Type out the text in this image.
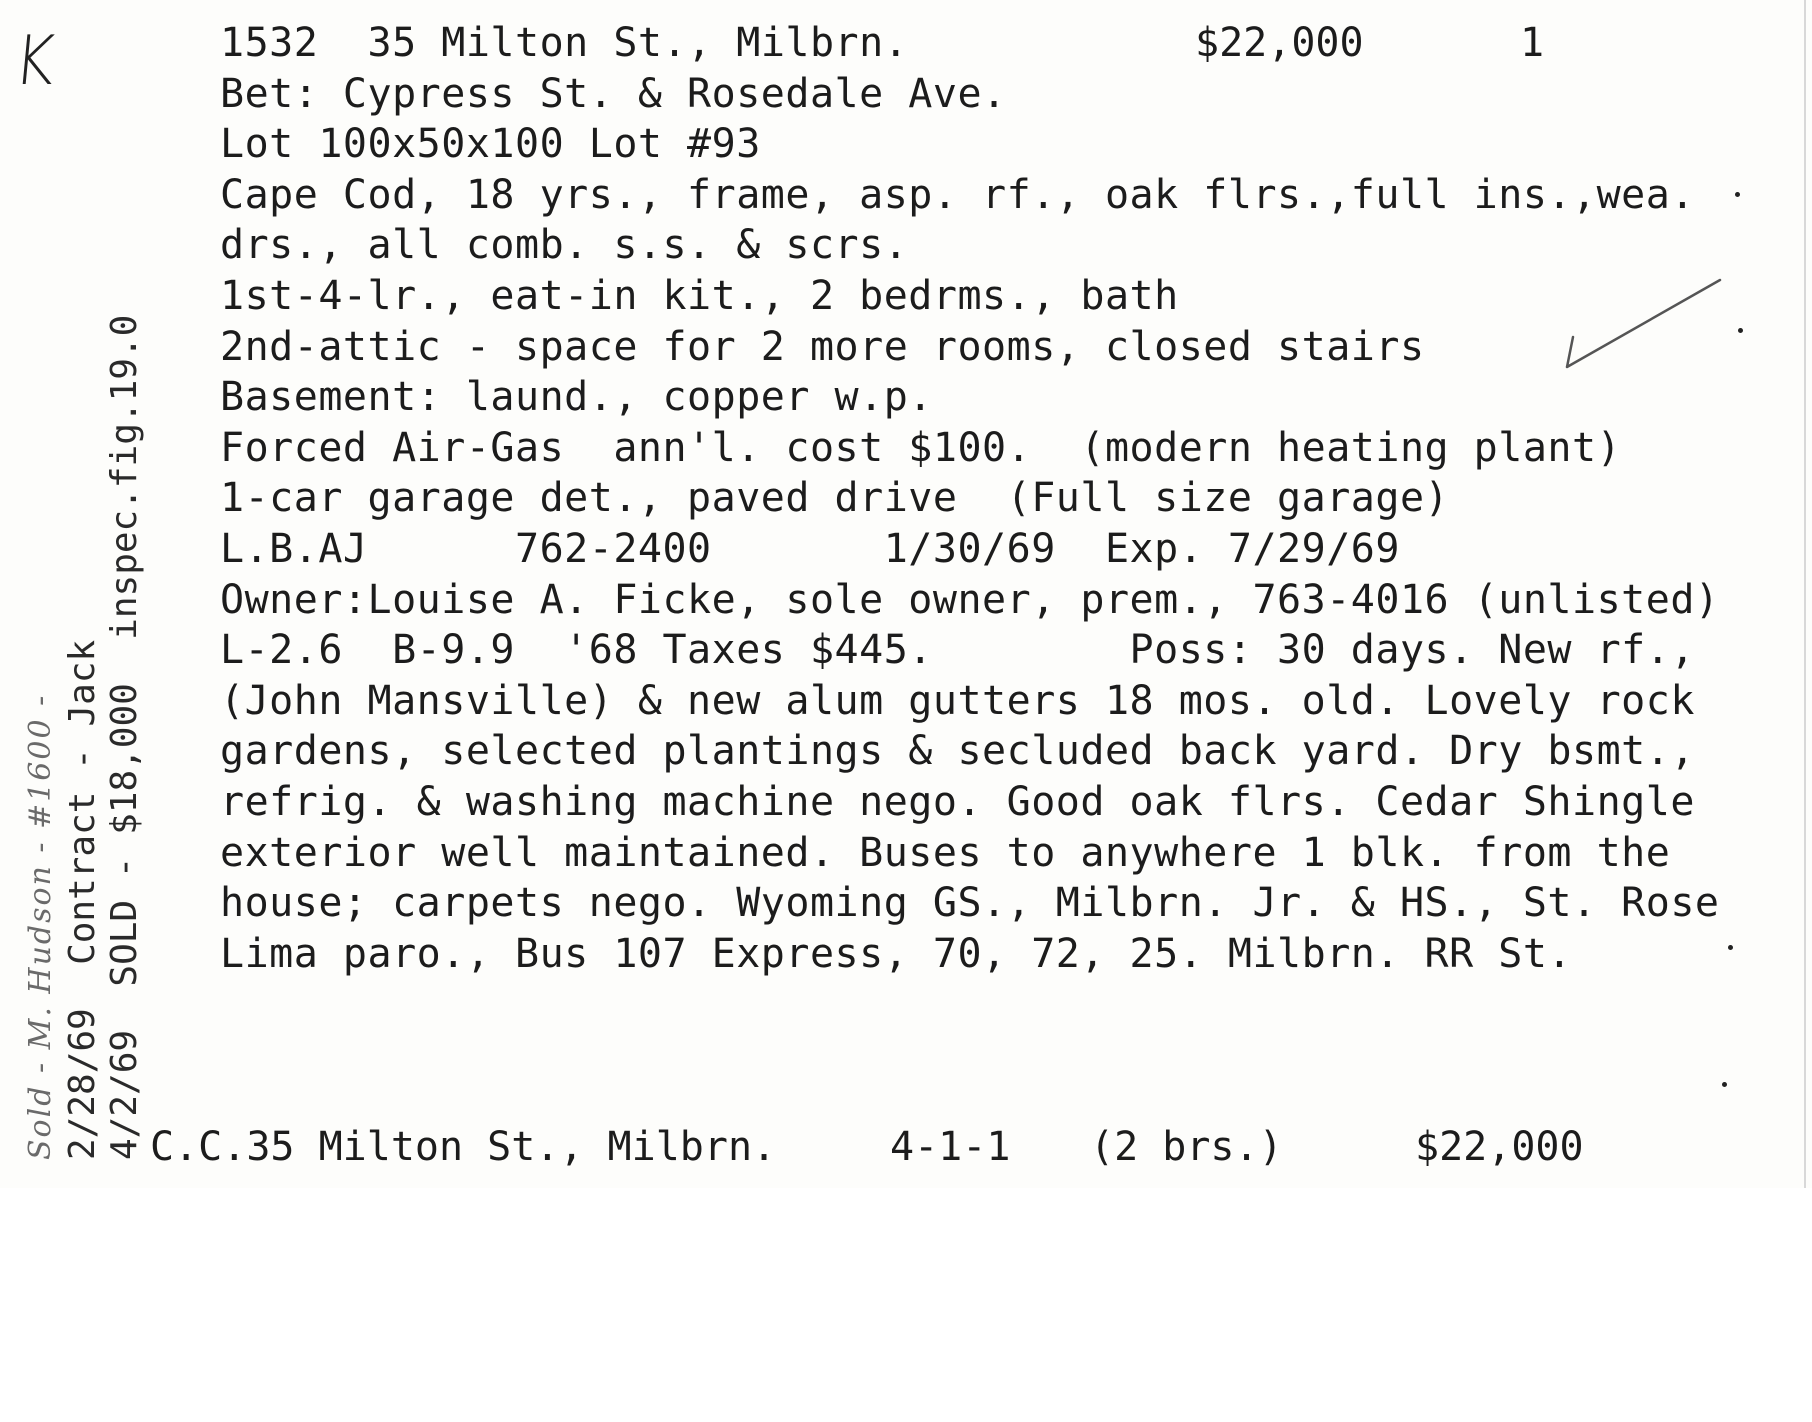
K	1532 35 Milton St., Milbrn.
Bet: Cypress St. & Rosedale Ave.
Lot 100x50x100 Lot #93
Cape Cod, 18 yrs., frame, asp. rf., oak flrs.,full ins.,wea.
drs., all comb. s.s. & scrs.
1st-4-lr., eat-in kit., 2 bedrms., bath
2nd-attic - space for 2 more rooms, closed stairs
Basement: laund., copper w.p.
Forced Air-Gas  ann'l. cost $100.  (modern heating plant)
1-car garage det., paved drive  (Full size garage)
L.B.AJ      762-2400       1/30/69  Exp. 7/29/69
Owner:Louise A. Ficke, sole owner, prem., 763-4016 (unlisted)
L-2.6  B-9.9  '68 Taxes $445.        Poss: 30 days. New rf.,
(John Mansville) & new alum gutters 18 mos. old. Lovely rock
gardens, selected plantings & secluded back yard. Dry bsmt.,
refrig. & washing machine nego. Good oak flrs. Cedar Shingle
exterior well maintained. Buses to anywhere 1 blk. from the
house; carpets nego. Wyoming GS., Milbrn. Jr. & HS., St. Rose
Lima paro., Bus 107 Express, 70, 72, 25. Milbrn. RR St.
$22,000	1
Sold - M. Hudson - #1600 - 2/28/69  Contract - Jack 4/2/69  SOLD - $18,000  inspec.fig.19.0

C.C.35 Milton St., Milbrn.

	4-1-1

(2 brs.)

	$22,000
